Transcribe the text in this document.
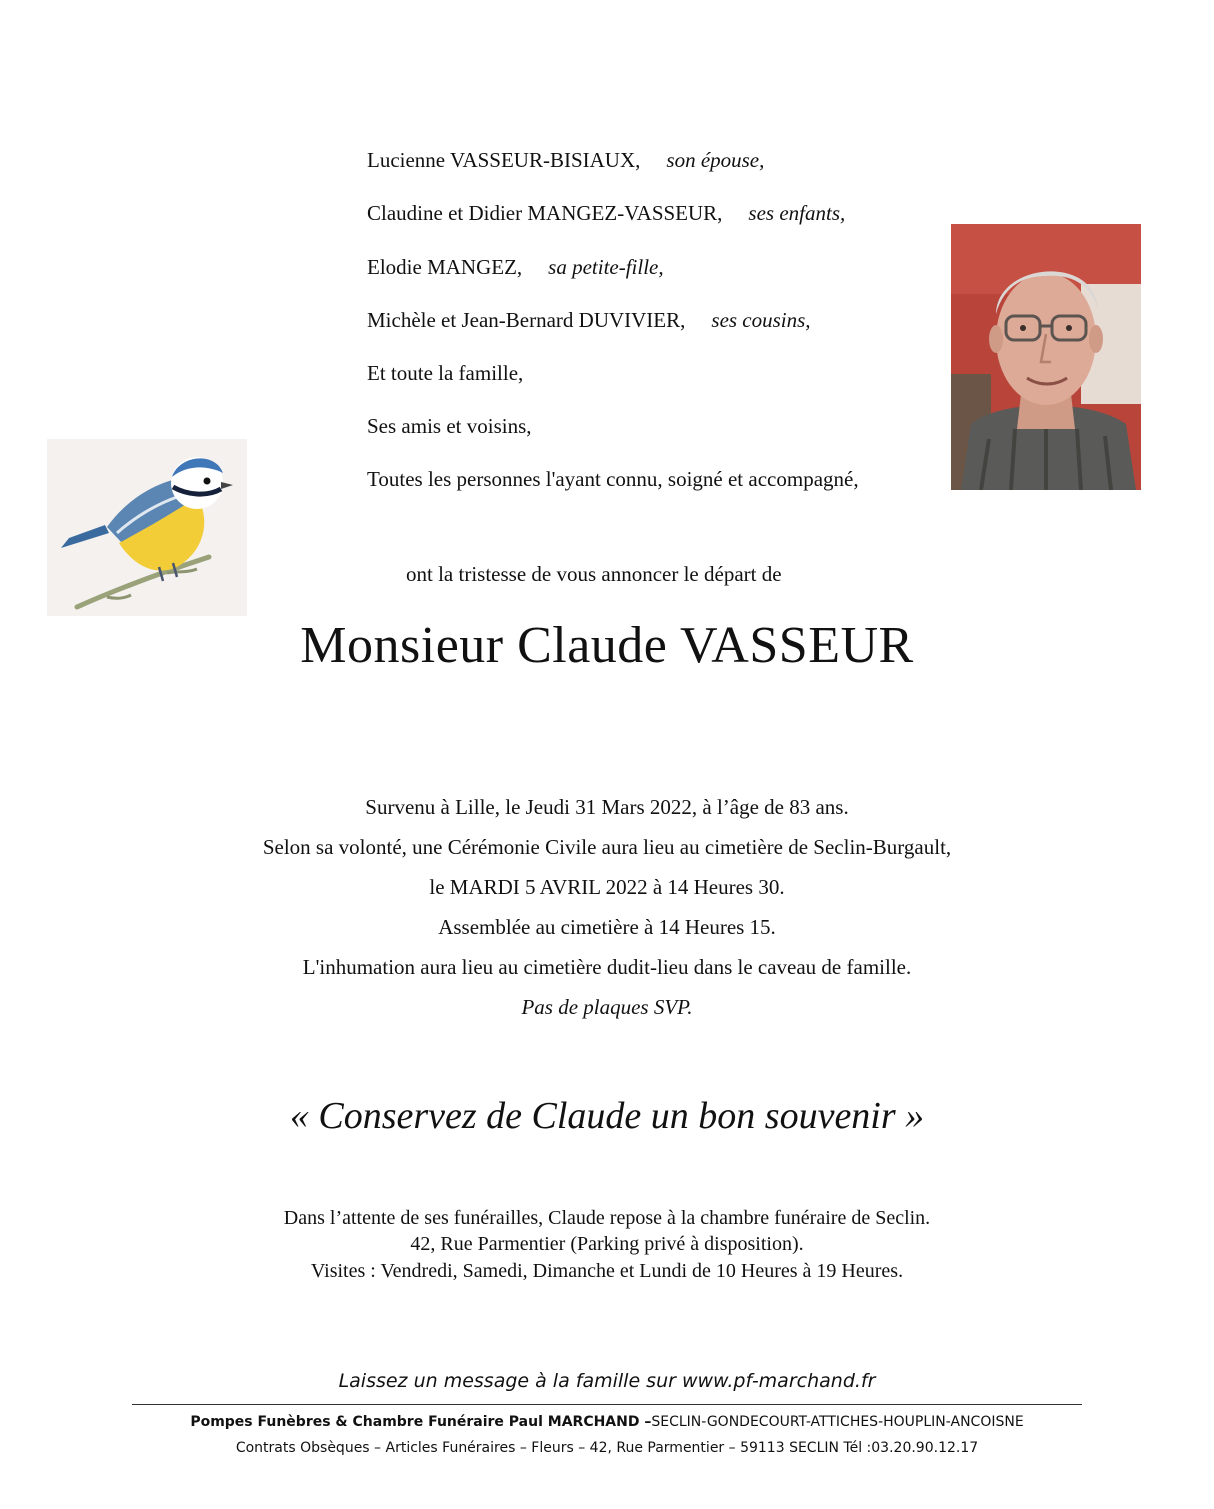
Lucienne VASSEUR-BISIAUX, son épouse,
Claudine et Didier MANGEZ-VASSEUR, ses enfants,
Elodie MANGEZ, sa petite-fille,
Michèle et Jean-Bernard DUVIVIER, ses cousins,
Et toute la famille,
Ses amis et voisins,
Toutes les personnes l'ayant connu, soigné et accompagné,
ont la tristesse de vous annoncer le départ de
Monsieur Claude VASSEUR
Survenu à Lille, le Jeudi 31 Mars 2022, à l’âge de 83 ans.
Selon sa volonté, une Cérémonie Civile aura lieu au cimetière de Seclin-Burgault,
le MARDI 5 AVRIL 2022 à 14 Heures 30.
Assemblée au cimetière à 14 Heures 15.
L'inhumation aura lieu au cimetière dudit-lieu dans le caveau de famille.
Pas de plaques SVP.
« Conservez de Claude un bon souvenir »
Dans l’attente de ses funérailles, Claude repose à la chambre funéraire de Seclin.
42, Rue Parmentier (Parking privé à disposition).
Visites : Vendredi, Samedi, Dimanche et Lundi de 10 Heures à 19 Heures.
Laissez un message à la famille sur www.pf-marchand.fr
Pompes Funèbres & Chambre Funéraire Paul MARCHAND –SECLIN-GONDECOURT-ATTICHES-HOUPLIN-ANCOISNE
Contrats Obsèques – Articles Funéraires – Fleurs – 42, Rue Parmentier – 59113 SECLIN Tél :03.20.90.12.17
